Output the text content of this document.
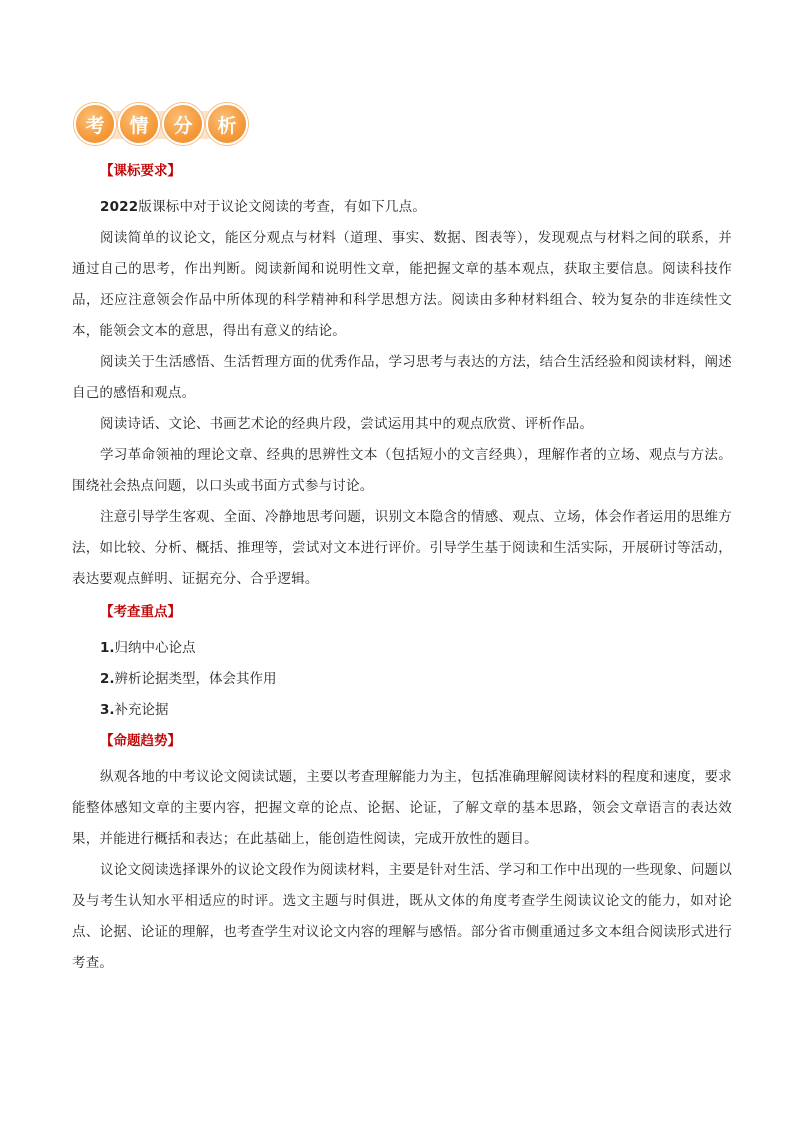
考	情	分	析
【课标要求】

2022版课标中对于议论文阅读的考查，有如下几点。

阅读简单的议论文，能区分观点与材料（道理、事实、数据、图表等），发现观点与材料之间的联系，并通过自己的思考，作出判断。阅读新闻和说明性文章，能把握文章的基本观点，获取主要信息。阅读科技作品，还应注意领会作品中所体现的科学精神和科学思想方法。阅读由多种材料组合、较为复杂的非连续性文本，能领会文本的意思，得出有意义的结论。

阅读关于生活感悟、生活哲理方面的优秀作品，学习思考与表达的方法，结合生活经验和阅读材料，阐述自己的感悟和观点。

阅读诗话、文论、书画艺术论的经典片段，尝试运用其中的观点欣赏、评析作品。

学习革命领袖的理论文章、经典的思辨性文本（包括短小的文言经典），理解作者的立场、观点与方法。围绕社会热点问题，以口头或书面方式参与讨论。

注意引导学生客观、全面、冷静地思考问题，识别文本隐含的情感、观点、立场，体会作者运用的思维方法，如比较、分析、概括、推理等，尝试对文本进行评价。引导学生基于阅读和生活实际，开展研讨等活动，表达要观点鲜明、证据充分、合乎逻辑。

【考查重点】

1.归纳中心论点

2.辨析论据类型，体会其作用

3.补充论据

【命题趋势】

纵观各地的中考议论文阅读试题，主要以考查理解能力为主，包括准确理解阅读材料的程度和速度，要求能整体感知文章的主要内容，把握文章的论点、论据、论证，了解文章的基本思路，领会文章语言的表达效果，并能进行概括和表达；在此基础上，能创造性阅读，完成开放性的题目。

议论文阅读选择课外的议论文段作为阅读材料，主要是针对生活、学习和工作中出现的一些现象、问题以及与考生认知水平相适应的时评。选文主题与时俱进，既从文体的角度考查学生阅读议论文的能力，如对论点、论据、论证的理解，也考查学生对议论文内容的理解与感悟。部分省市侧重通过多文本组合阅读形式进行考查。
